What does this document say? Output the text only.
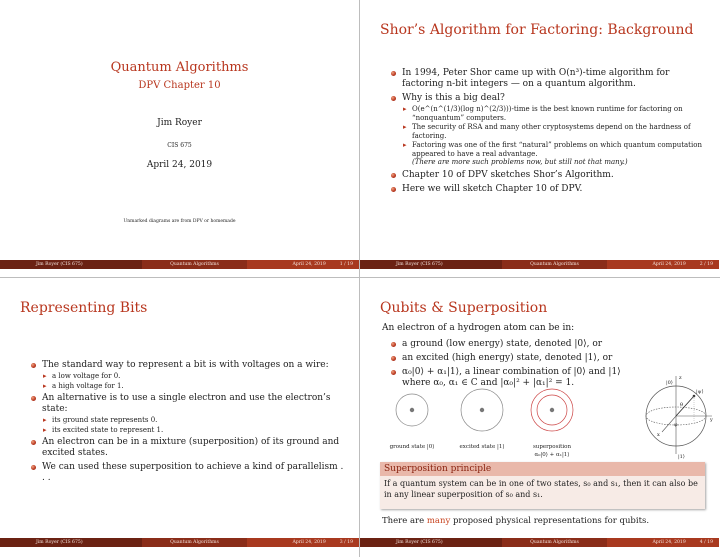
Quantum Algorithms
DPV Chapter 10
Jim Royer
CIS 675
April 24, 2019
Unmarked diagrams are from DPV or homemade
Jim Royer (CIS 675)	Quantum Algorithms	April 24, 2019	1 / 19
Shor’s Algorithm for Factoring: Background
In 1994, Peter Shor came up with O(n³)-time algorithm for factoring n-bit integers — on a quantum algorithm.
Why is this a big deal?
▸ O(e^(n^(1/3)(log n)^(2/3)))-time is the best known runtime for factoring on “nonquantum” computers.
▸ The security of RSA and many other cryptosystems depend on the hardness of factoring.
▸ Factoring was one of the first “natural” problems on which quantum computation appeared to have a real advantage.
(There are more such problems now, but still not that many.)
Chapter 10 of DPV sketches Shor’s Algorithm.
Here we will sketch Chapter 10 of DPV.
Jim Royer (CIS 675)	Quantum Algorithms	April 24, 2019	2 / 19
Representing Bits
The standard way to represent a bit is with voltages on a wire:
▸ a low voltage for 0.
▸ a high voltage for 1.
An alternative is to use a single electron and use the electron’s state:
▸ its ground state represents 0.
▸ its excited state to represent 1.
An electron can be in a mixture (superposition) of its ground and excited states.
We can used these superposition to achieve a kind of parallelism . . .
Jim Royer (CIS 675)	Quantum Algorithms	April 24, 2019	3 / 19
Qubits & Superposition
An electron of a hydrogen atom can be in:
a ground (low energy) state, denoted |0⟩, or
an excited (high energy) state, denoted |1⟩, or
α₀|0⟩ + α₁|1⟩, a linear combination of |0⟩ and |1⟩ where α₀, α₁ ∈ C and |α₀|² + |α₁|² = 1.
ground state |0⟩	excited state |1⟩	superposition
α₀|0⟩ + α₁|1⟩
z
|0⟩
|ψ⟩
θ
φ
y
x
|1⟩
Superposition principle
If a quantum system can be in one of two states, s₀ and s₁, then it can also be in any linear superposition of s₀ and s₁.
There are many proposed physical representations for qubits.
Jim Royer (CIS 675)	Quantum Algorithms	April 24, 2019	4 / 19
